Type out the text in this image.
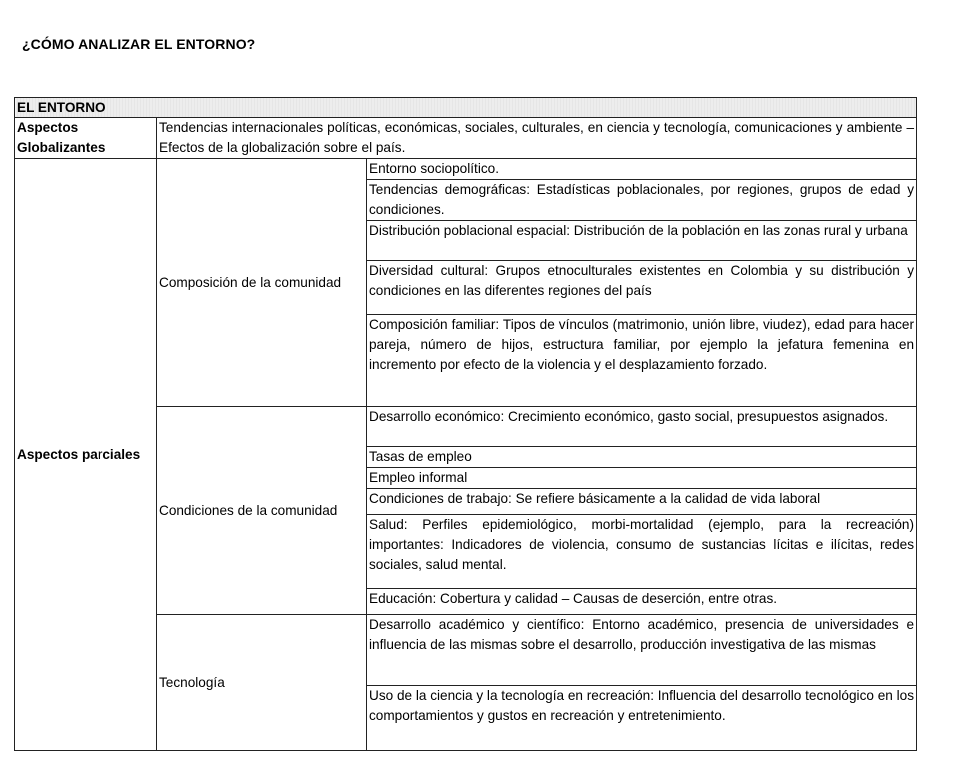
¿CÓMO ANALIZAR EL ENTORNO?
EL ENTORNO		
Aspectos Globalizantes	Tendencias internacionales políticas, económicas, sociales, culturales, en ciencia y tecnología, comunicaciones y ambiente – Efectos de la globalización sobre el país.	
Aspectos parciales	Composición de la comunidad	Entorno sociopolítico.
		Tendencias demográficas: Estadísticas poblacionales, por regiones, grupos de edad y condiciones.
		Distribución poblacional espacial: Distribución de la población en las zonas rural y urbana
		Diversidad cultural: Grupos etnoculturales existentes en Colombia y su distribución y condiciones en las diferentes regiones del país
		Composición familiar: Tipos de vínculos (matrimonio, unión libre, viudez), edad para hacer pareja, número de hijos, estructura familiar, por ejemplo la jefatura femenina en incremento por efecto de la violencia y el desplazamiento forzado.
	Condiciones de la comunidad	Desarrollo económico: Crecimiento económico, gasto social, presupuestos asignados.
		Tasas de empleo
		Empleo informal
		Condiciones de trabajo: Se refiere básicamente a la calidad de vida laboral
		Salud: Perfiles epidemiológico, morbi-mortalidad (ejemplo, para la recreación) importantes: Indicadores de violencia, consumo de sustancias lícitas e ilícitas, redes sociales, salud mental.
		Educación: Cobertura y calidad – Causas de deserción, entre otras.
	Tecnología	Desarrollo académico y científico: Entorno académico, presencia de universidades e influencia de las mismas sobre el desarrollo, producción investigativa de las mismas
		Uso de la ciencia y la tecnología en recreación: Influencia del desarrollo tecnológico en los comportamientos y gustos en recreación y entretenimiento.
